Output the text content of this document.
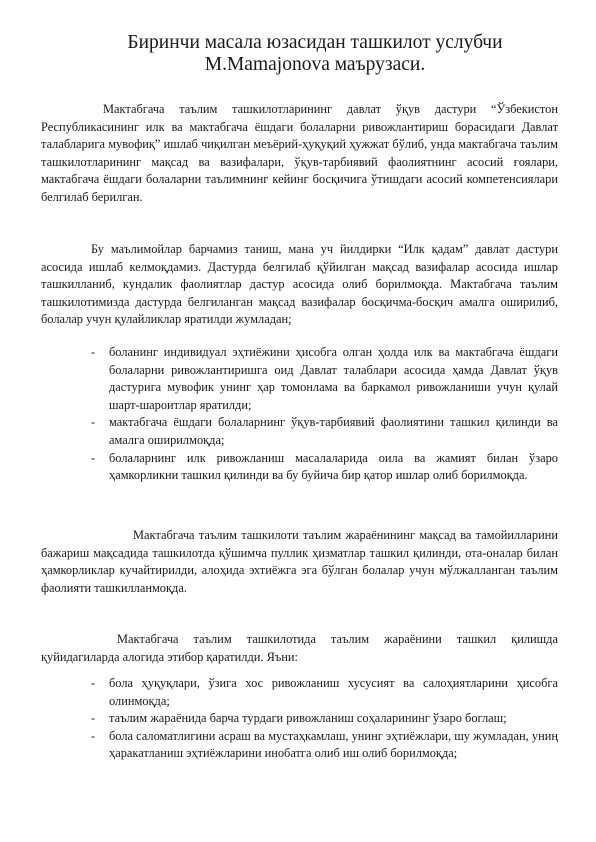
Биринчи масала юзасидан ташкилот услубчи
M.Mamajonova маърузаси.

Мактабгача таълим ташкилотларининг давлат ўқув дастури “Ўзбекистон Республикасининг илк ва мактабгача ёшдаги болаларни ривожлантириш борасидаги Давлат талабларига мувофиқ” ишлаб чиқилган меъёрий-ҳуқуқий ҳужжат бўлиб, унда мактабгача таълим ташкилотларининг мақсад ва вазифалари, ўқув-тарбиявий фаолиятнинг асосий ғоялари, мактабгача ёшдаги болаларни таълимнинг кейинг босқичига ўтишдаги асосий компетенсиялари белгилаб берилган.

Бу маълимойлар барчамиз таниш, мана уч йилдирки “Илк қадам” давлат дастури асосида ишлаб келмоқдамиз. Дастурда белгилаб қўйилган мақсад вазифалар асосида ишлар ташкилланиб, кундалик фаолиятлар дастур асосида олиб борилмоқда. Мактабгача таълим ташкилотимизда дастурда белгиланган мақсад вазифалар босқичма-босқич амалга оширилиб, болалар учун қулайликлар яратилди жумладан;

- боланинг индивидуал эҳтиёжини ҳисобга олган ҳолда илк ва мактабгача ёшдаги болаларни ривожлантиришга оид Давлат талаблари асосида ҳамда Давлат ўқув дастурига мувофик унинг ҳар томонлама ва баркамол ривожланиши учун қулай шарт-шароитлар яратилди;
- мактабгача ёшдаги болаларнинг ўқув-тарбиявий фаолиятини ташкил қилинди ва амалга оширилмоқда;
- болаларнинг илк ривожланиш масалаларида оила ва жамият билан ўзаро ҳамкорликни ташкил қилинди ва бу буйича бир қатор ишлар олиб борилмоқда.

Мактабгача таълим ташкилоти таълим жараёнининг мақсад ва тамойилларини бажариш мақсадида ташкилотда қўшимча пуллик ҳизматлар ташкил қилинди, ота-оналар билан ҳамкорликлар кучайтирилди, алоҳида эхтиёжга эга бўлган болалар учун мўлжалланган таълим фаолияти ташкилланмоқда.

Мактабгача таълим ташкилотида таълим жараёнини ташкил қилишда қуйидагиларда алогида этибор қаратилди. Яъни:

- бола ҳуқуқлари, ўзига хос ривожланиш хусусият ва салоҳиятларини ҳисобга олинмоқда;
- таълим жараёнида барча турдаги ривожланиш соҳаларининг ўзаро боглаш;
- бола саломатлигини асраш ва мустаҳкамлаш, унинг эҳтиёжлари, шу жумладан, униң ҳаракатланиш эҳтиёжларини инобатга олиб иш олиб борилмоқда;
